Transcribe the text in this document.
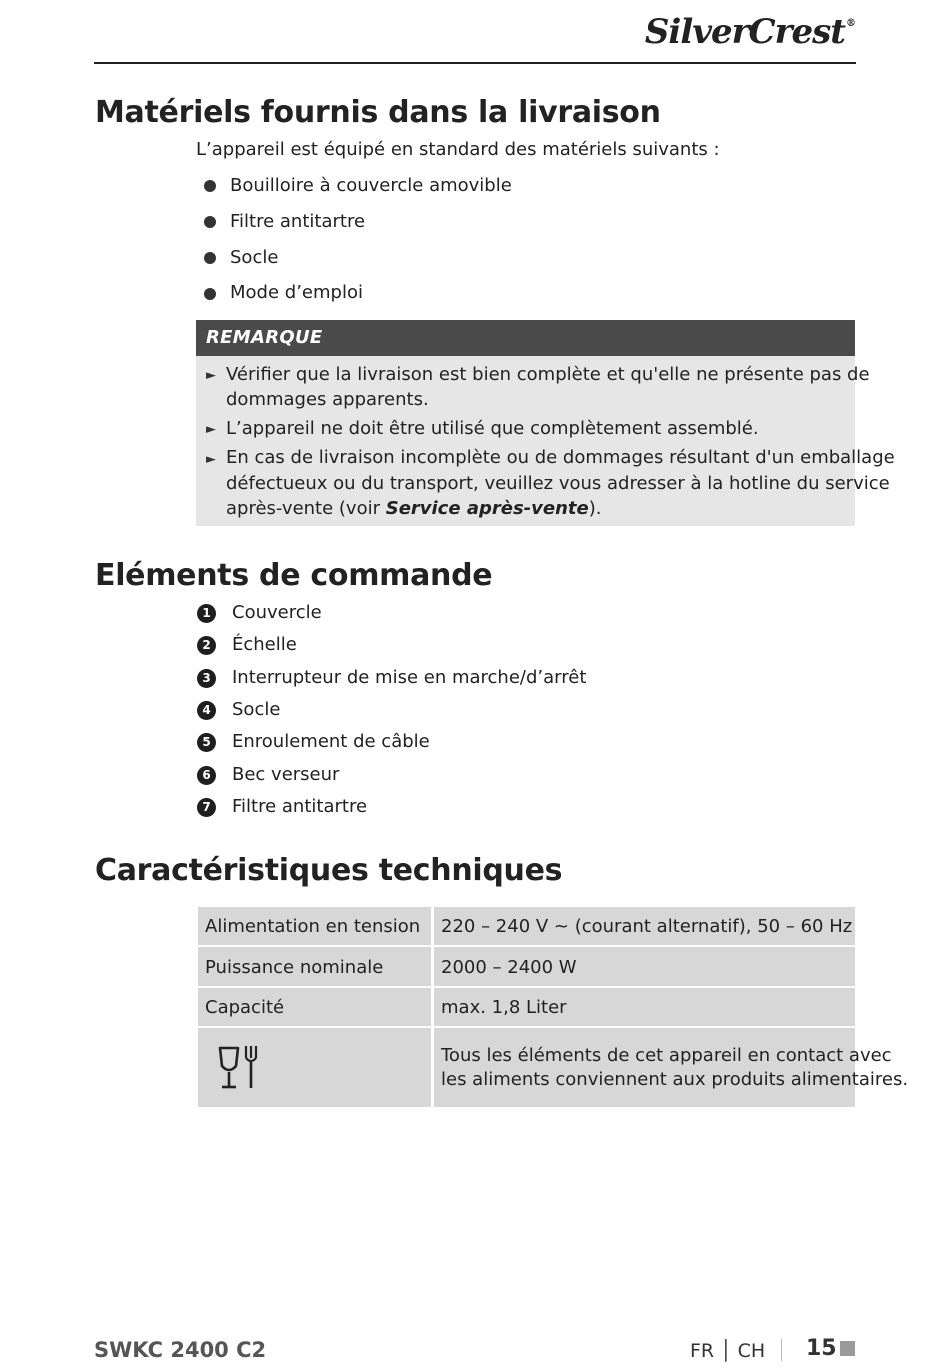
SilverCrest®
Matériels fournis dans la livraison
L’appareil est équipé en standard des matériels suivants :
Bouilloire à couvercle amovible
Filtre antitartre
Socle
Mode d’emploi
REMARQUE
► Vérifier que la livraison est bien complète et qu'elle ne présente pas de
dommages apparents.
► L’appareil ne doit être utilisé que complètement assemblé.
► En cas de livraison incomplète ou de dommages résultant d'un emballage
défectueux ou du transport, veuillez vous adresser à la hotline du service
après-vente (voir Service après-vente).
Eléments de commande
1 Couvercle
2 Échelle
3 Interrupteur de mise en marche/d’arrêt
4 Socle
5 Enroulement de câble
6 Bec verseur
7 Filtre antitartre
Caractéristiques techniques
Alimentation en tension 220 – 240 V ~ (courant alternatif), 50 – 60 Hz
Puissance nominale	2000 – 2400 W
Capacité	max. 1,8 Liter
Tous les éléments de cet appareil en contact avec
les aliments conviennent aux produits alimentaires.
SWKC 2400 C2	FR │ CH 15
